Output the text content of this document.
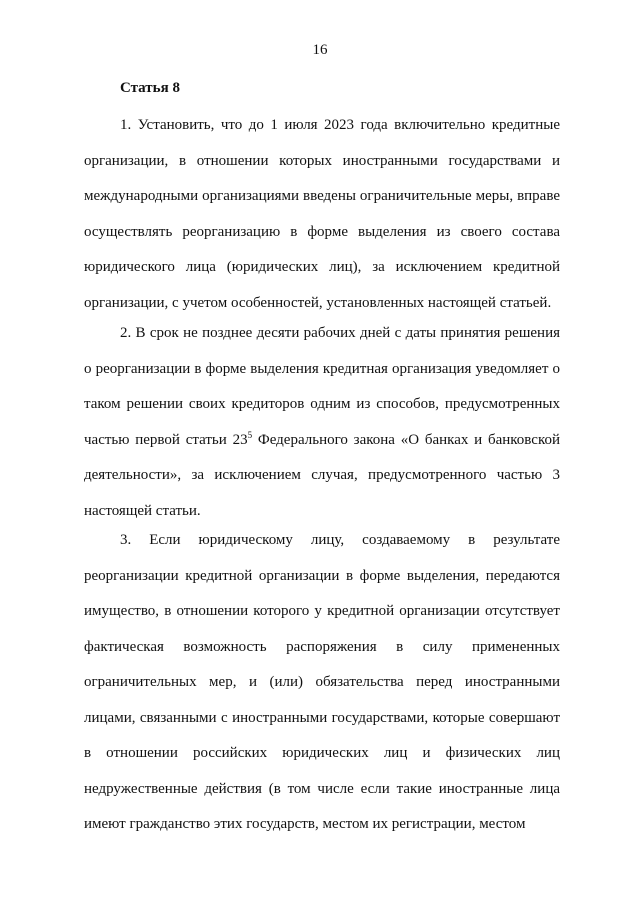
16
Статья 8

1. Установить, что до 1 июля 2023 года включительно кредитные организации, в отношении которых иностранными государствами и международными организациями введены ограничительные меры, вправе осуществлять реорганизацию в форме выделения из своего состава юридического лица (юридических лиц), за исключением кредитной организации, с учетом особенностей, установленных настоящей статьей.

2. В срок не позднее десяти рабочих дней с даты принятия решения о реорганизации в форме выделения кредитная организация уведомляет о таком решении своих кредиторов одним из способов, предусмотренных частью первой статьи $23^5$ Федерального закона «О банках и банковской деятельности», за исключением случая, предусмотренного частью 3 настоящей статьи.

3. Если юридическому лицу, создаваемому в результате реорганизации кредитной организации в форме выделения, передаются имущество, в отношении которого у кредитной организации отсутствует фактическая возможность распоряжения в силу примененных ограничительных мер, и (или) обязательства перед иностранными лицами, связанными с иностранными государствами, которые совершают в отношении российских юридических лиц и физических лиц недружественные действия (в том числе если такие иностранные лица имеют гражданство этих государств, местом их регистрации, местом
